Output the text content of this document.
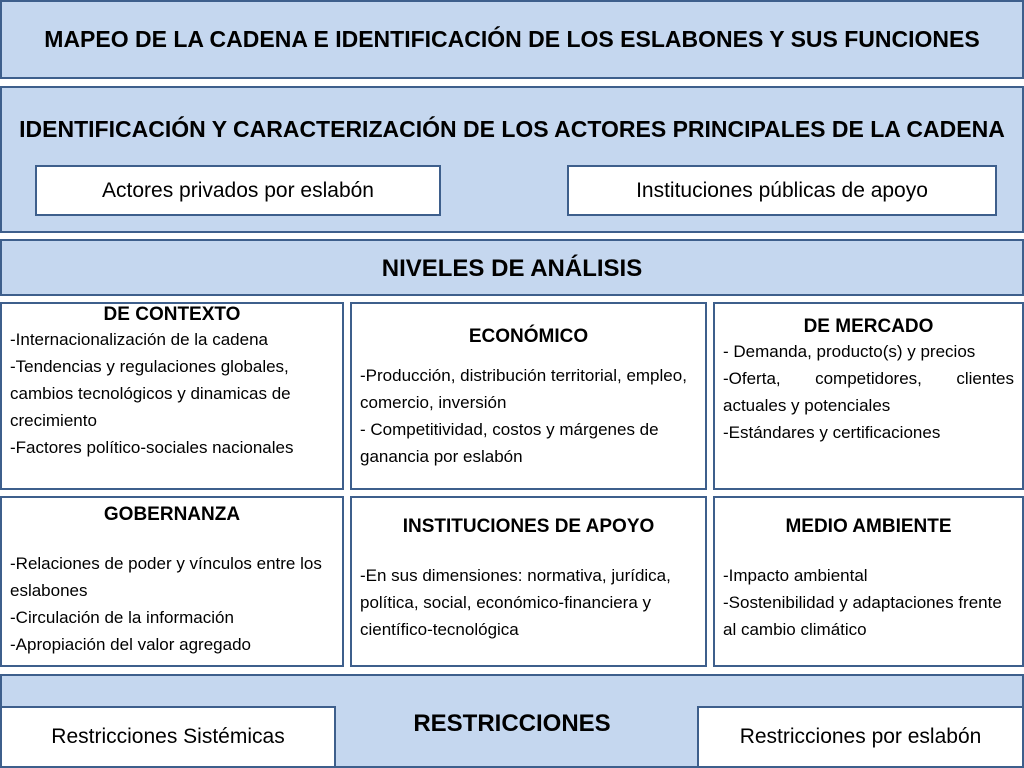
MAPEO DE LA CADENA E IDENTIFICACIÓN DE LOS ESLABONES Y SUS FUNCIONES
IDENTIFICACIÓN Y CARACTERIZACIÓN DE LOS ACTORES PRINCIPALES DE LA CADENA
Actores privados por eslabón	Instituciones públicas de apoyo
NIVELES DE ANÁLISIS
DE CONTEXTO

-Internacionalización de la cadena

-Tendencias y regulaciones globales, cambios tecnológicos y dinamicas de crecimiento

-Factores político-sociales nacionales

ECONÓMICO

-Producción, distribución territorial, empleo, comercio, inversión

- Competitividad, costos y márgenes de ganancia por eslabón

DE MERCADO

- Demanda, producto(s) y precios

-Oferta, competidores, clientes actuales y potenciales

-Estándares y certificaciones

GOBERNANZA

-Relaciones de poder y vínculos entre los eslabones

-Circulación de la información

-Apropiación del valor agregado

INSTITUCIONES DE APOYO

-En sus dimensiones: normativa, jurídica, política, social, económico-financiera y científico-tecnológica

MEDIO AMBIENTE

-Impacto ambiental

-Sostenibilidad y adaptaciones frente al cambio climático

RESTRICCIONES
Restricciones Sistémicas	Restricciones por eslabón
